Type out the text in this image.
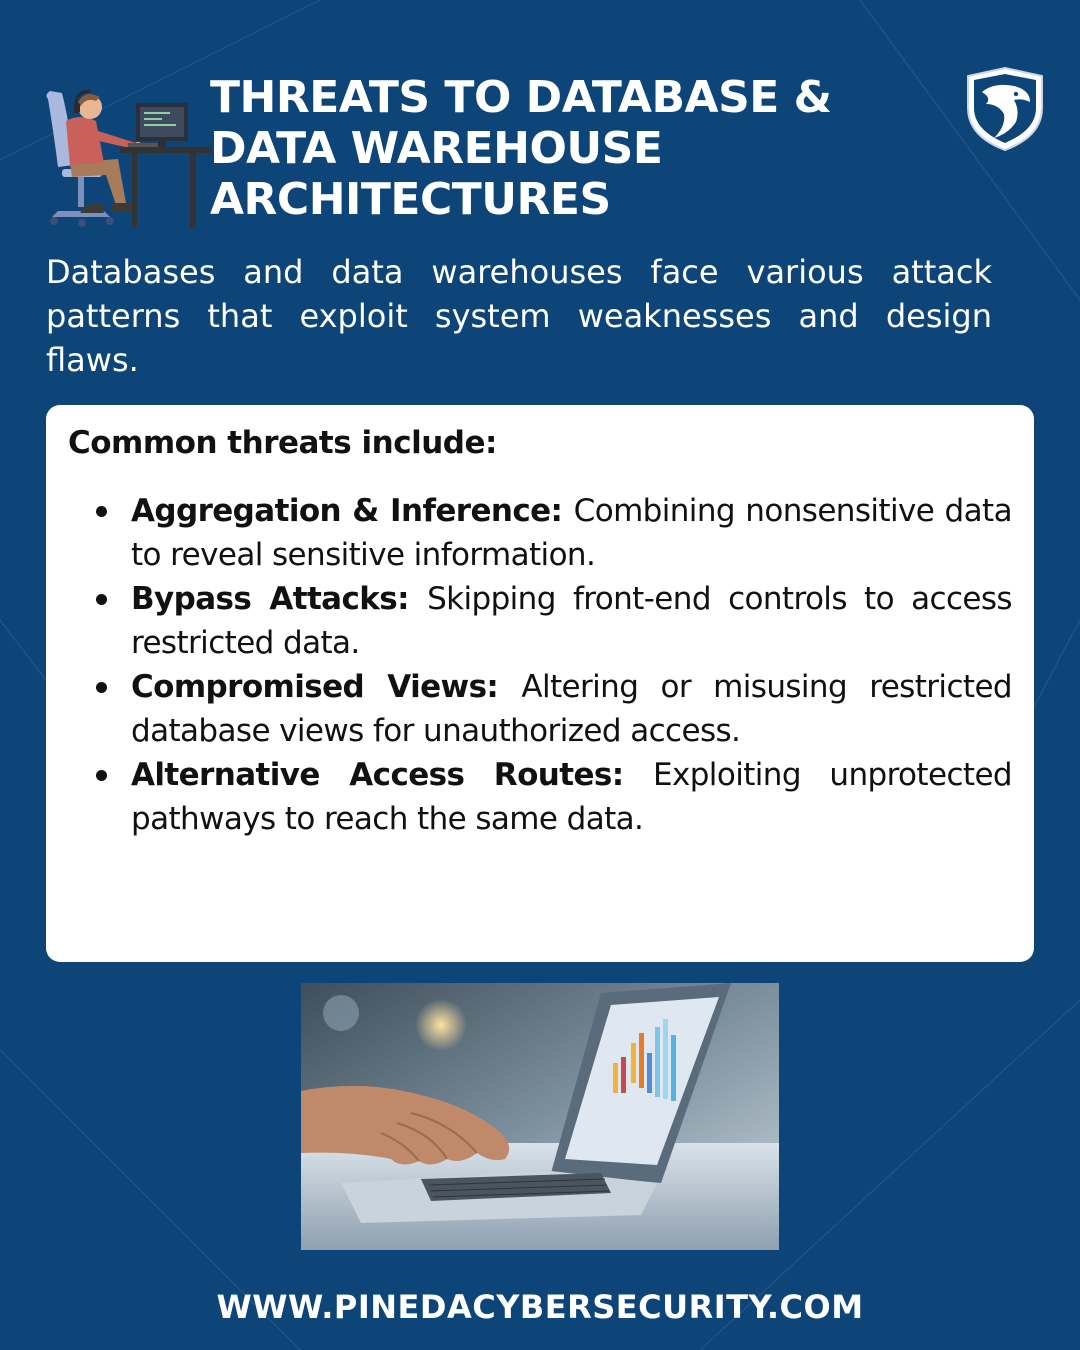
THREATS TO DATABASE &
DATA WAREHOUSE
ARCHITECTURES

Databases and data warehouses face various attack patterns that exploit system weaknesses and design flaws.

Common threats include:
Aggregation & Inference: Combining nonsensitive data to reveal sensitive information.
Bypass Attacks: Skipping front-end controls to access restricted data.
Compromised Views: Altering or misusing restricted database views for unauthorized access.
Alternative Access Routes: Exploiting unprotected pathways to reach the same data.
WWW.PINEDACYBERSECURITY.COM
